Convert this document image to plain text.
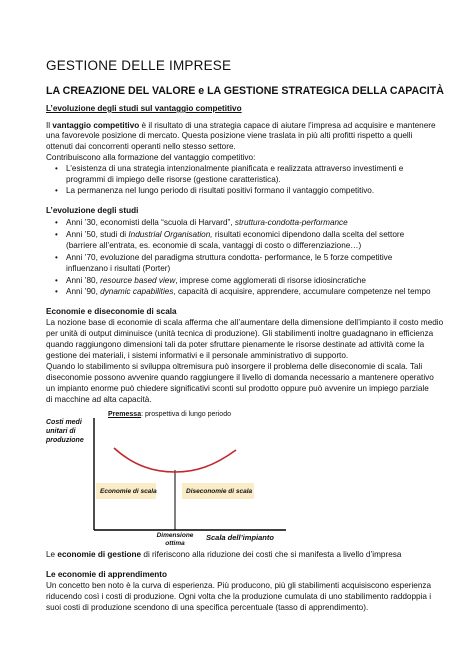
GESTIONE DELLE IMPRESE
LA CREAZIONE DEL VALORE e LA GESTIONE STRATEGICA DELLA CAPACITÀ
L’evoluzione degli studi sul vantaggio competitivo
Il vantaggio competitivo è il risultato di una strategia capace di aiutare l’impresa ad acquisire e mantenere
una favorevole posizione di mercato. Questa posizione viene traslata in più alti profitti rispetto a quelli
ottenuti dai concorrenti operanti nello stesso settore.
Contribuiscono alla formazione del vantaggio competitivo:
• L’esistenza di una strategia intenzionalmente pianificata e realizzata attraverso investimenti e
programmi di impiego delle risorse (gestione caratteristica).
• La permanenza nel lungo periodo di risultati positivi formano il vantaggio competitivo.
L’evoluzione degli studi
• Anni ’30, economisti della “scuola di Harvard”, struttura-condotta-performance
• Anni ’50, studi di Industrial Organisation, risultati economici dipendono dalla scelta del settore
(barriere all’entrata, es. economie di scala, vantaggi di costo o differenziazione…)
• Anni ’70, evoluzione del paradigma struttura condotta- performance, le 5 forze competitive
influenzano i risultati (Porter)
• Anni ’80, resource based view, imprese come agglomerati di risorse idiosincratiche
• Anni ’90, dynamic capabilities, capacità di acquisire, apprendere, accumulare competenze nel tempo
Economie e diseconomie di scala
La nozione base di economie di scala afferma che all’aumentare della dimensione dell’impianto il costo medio
per unità di output diminuisce (unità tecnica di produzione). Gli stabilimenti inoltre guadagnano in efficienza
quando raggiungono dimensioni tali da poter sfruttare pienamente le risorse destinate ad attività come la
gestione dei materiali, i sistemi informativi e il personale amministrativo di supporto.
Quando lo stabilimento si sviluppa oltremisura può insorgere il problema delle diseconomie di scala. Tali
diseconomie possono avvenire quando raggiungere il livello di domanda necessario a mantenere operativo
un impianto enorme può chiedere significativi sconti sul prodotto oppure può avvenire un impiego parziale
di macchine ad alta capacità.
Costi medi
unitari di
produzione
Premessa: prospettiva di lungo periodo
Economie di scala	Diseconomie di scala
Dimensione
ottima
Scala dell’impianto
Le economie di gestione di riferiscono alla riduzione dei costi che si manifesta a livello d’impresa
Le economie di apprendimento
Un concetto ben noto è la curva di esperienza. Più producono, più gli stabilimenti acquisiscono esperienza
riducendo così i costi di produzione. Ogni volta che la produzione cumulata di uno stabilimento raddoppia i
suoi costi di produzione scendono di una specifica percentuale (tasso di apprendimento).
